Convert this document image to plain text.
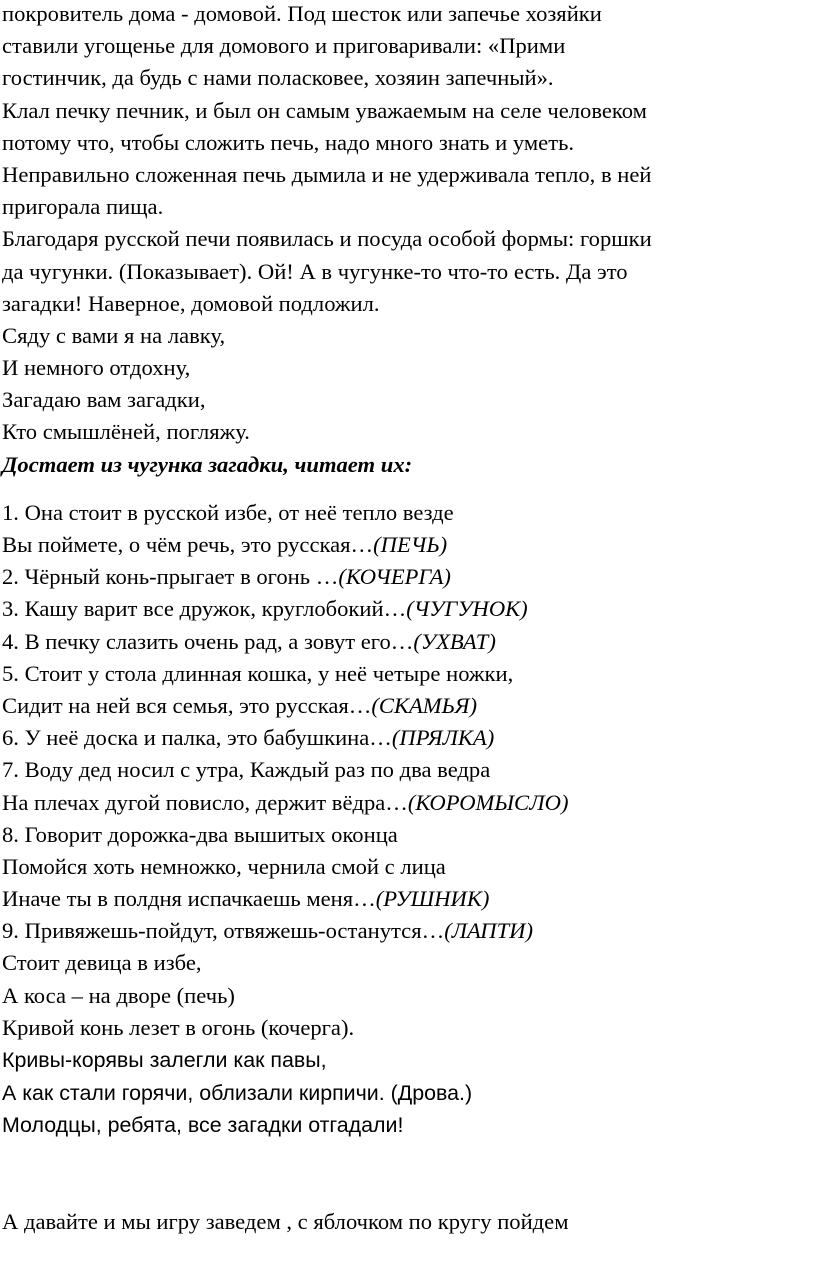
покровитель дома - домовой. Под шесток или запечье хозяйки
ставили угощенье для домового и приговаривали: «Прими
гостинчик, да будь с нами поласковее, хозяин запечный».
Клал печку печник, и был он самым уважаемым на селе человеком
потому что, чтобы сложить печь, надо много знать и уметь.
Неправильно сложенная печь дымила и не удерживала тепло, в ней
пригорала пища.
Благодаря русской печи появилась и посуда особой формы: горшки
да чугунки. (Показывает). Ой! А в чугунке-то что-то есть. Да это
загадки! Наверное, домовой подложил.
Сяду с вами я на лавку,
И немного отдохну,
Загадаю вам загадки,
Кто смышлёней, погляжу.
Достает из чугунка загадки, читает их:
1. Она стоит в русской избе, от неё тепло везде
Вы поймете, о чём речь, это русская…(ПЕЧЬ)
2. Чёрный конь-прыгает в огонь …(КОЧЕРГА)
3. Кашу варит все дружок, круглобокий…(ЧУГУНОК)
4. В печку слазить очень рад, а зовут его…(УХВАТ)
5. Стоит у стола длинная кошка, у неё четыре ножки,
Сидит на ней вся семья, это русская…(СКАМЬЯ)
6. У неё доска и палка, это бабушкина…(ПРЯЛКА)
7. Воду дед носил с утра, Каждый раз по два ведра
На плечах дугой повисло, держит вёдра…(КОРОМЫСЛО)
8. Говорит дорожка-два вышитых оконца
Помойся хоть немножко, чернила смой с лица
Иначе ты в полдня испачкаешь меня…(РУШНИК)
9. Привяжешь-пойдут, отвяжешь-останутся…(ЛАПТИ)
Стоит девица в избе,
А коса – на дворе (печь)
Кривой конь лезет в огонь (кочерга).
Кривы-корявы залегли как павы,
А как стали горячи, облизали кирпичи. (Дрова.)
Молодцы, ребята, все загадки отгадали!
А давайте и мы игру заведем , с яблочком по кругу пойдем
